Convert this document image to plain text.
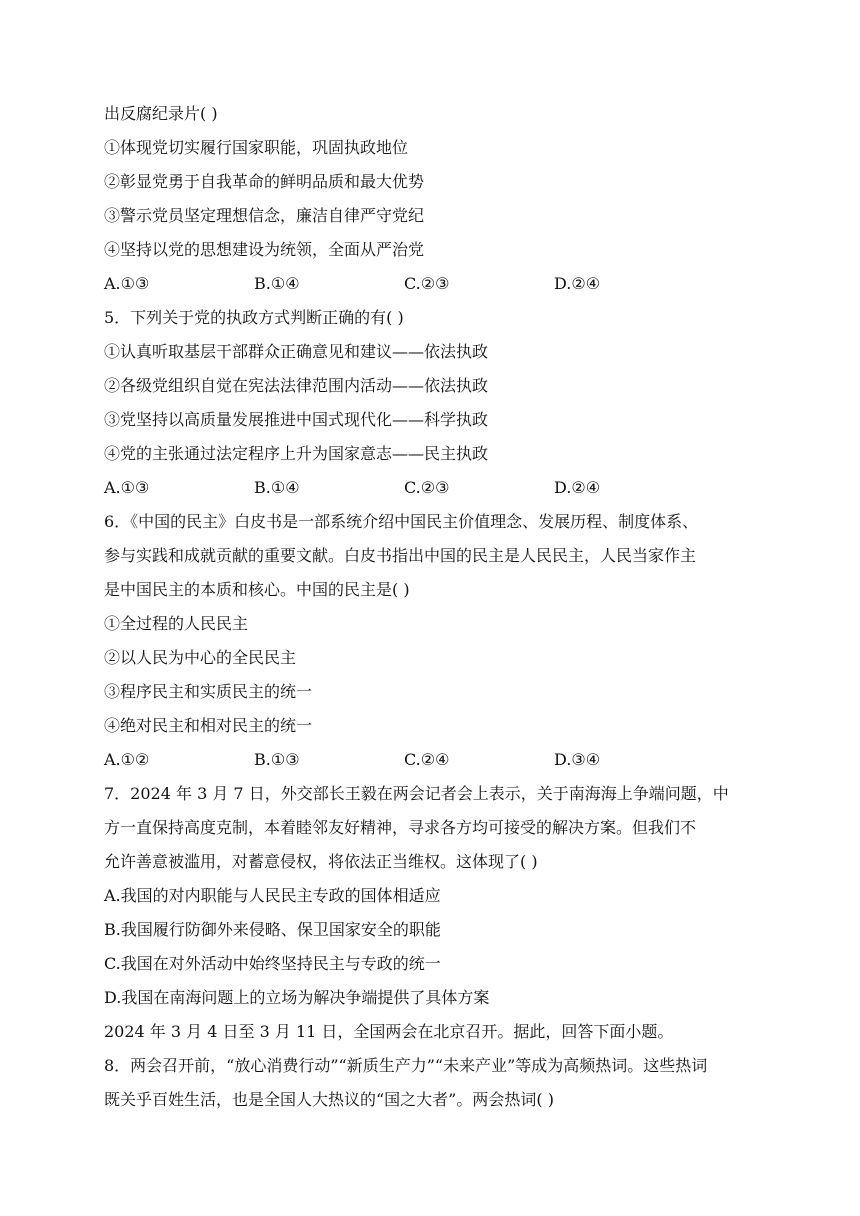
出反腐纪录片( )
①体现党切实履行国家职能，巩固执政地位
②彰显党勇于自我革命的鲜明品质和最大优势
③警示党员坚定理想信念，廉洁自律严守党纪
④坚持以党的思想建设为统领，全面从严治党
A.①③	B.①④	C.②③	D.②④
5．下列关于党的执政方式判断正确的有( )
①认真听取基层干部群众正确意见和建议——依法执政
②各级党组织自觉在宪法法律范围内活动——依法执政
③党坚持以高质量发展推进中国式现代化——科学执政
④党的主张通过法定程序上升为国家意志——民主执政
A.①③	B.①④	C.②③	D.②④
6．《中国的民主》白皮书是一部系统介绍中国民主价值理念、发展历程、制度体系、
参与实践和成就贡献的重要文献。白皮书指出中国的民主是人民民主，人民当家作主
是中国民主的本质和核心。中国的民主是( )
①全过程的人民民主
②以人民为中心的全民民主
③程序民主和实质民主的统一
④绝对民主和相对民主的统一
A.①②	B.①③	C.②④	D.③④
7．2024 年 3 月 7 日，外交部长王毅在两会记者会上表示，关于南海海上争端问题，中
方一直保持高度克制，本着睦邻友好精神，寻求各方均可接受的解决方案。但我们不
允许善意被滥用，对蓄意侵权，将依法正当维权。这体现了( )
A.我国的对内职能与人民民主专政的国体相适应
B.我国履行防御外来侵略、保卫国家安全的职能
C.我国在对外活动中始终坚持民主与专政的统一
D.我国在南海问题上的立场为解决争端提供了具体方案
2024 年 3 月 4 日至 3 月 11 日，全国两会在北京召开。据此，回答下面小题。
8．两会召开前，“放心消费行动”“新质生产力”“未来产业”等成为高频热词。这些热词
既关乎百姓生活，也是全国人大热议的“国之大者”。两会热词( )
